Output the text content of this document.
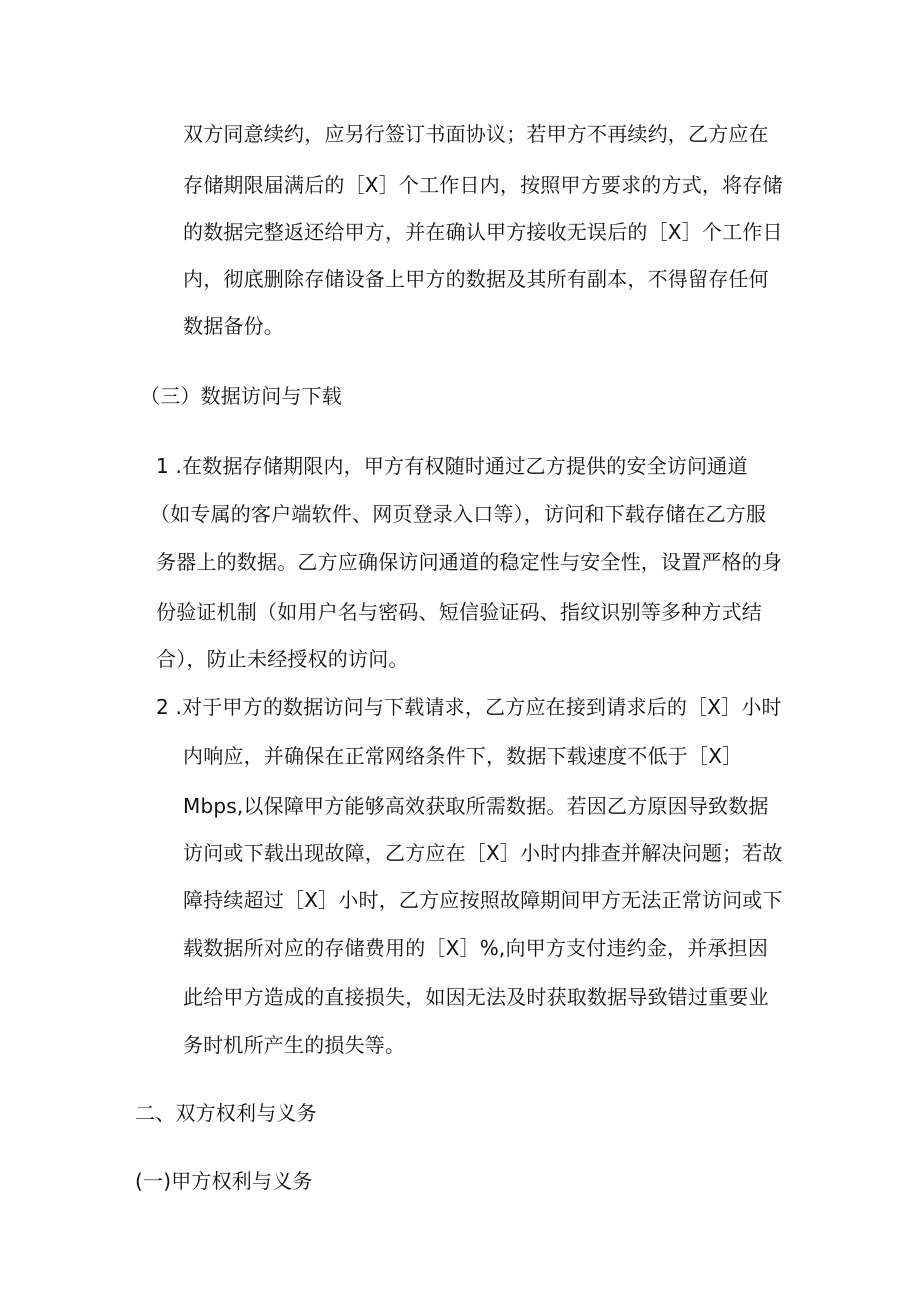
双方同意续约，应另行签订书面协议；若甲方不再续约，乙方应在
存储期限届满后的［X］个工作日内，按照甲方要求的方式，将存储
的数据完整返还给甲方，并在确认甲方接收无误后的［X］个工作日
内，彻底删除存储设备上甲方的数据及其所有副本，不得留存任何
数据备份。
（三）数据访问与下载
1 .在数据存储期限内，甲方有权随时通过乙方提供的安全访问通道
（如专属的客户端软件、网页登录入口等），访问和下载存储在乙方服
务器上的数据。乙方应确保访问通道的稳定性与安全性，设置严格的身
份验证机制（如用户名与密码、短信验证码、指纹识别等多种方式结
合），防止未经授权的访问。
2 .对于甲方的数据访问与下载请求，乙方应在接到请求后的［X］小时
内响应，并确保在正常网络条件下，数据下载速度不低于［X］
Mbps,以保障甲方能够高效获取所需数据。若因乙方原因导致数据
访问或下载出现故障，乙方应在［X］小时内排查并解决问题；若故
障持续超过［X］小时，乙方应按照故障期间甲方无法正常访问或下
载数据所对应的存储费用的［X］%,向甲方支付违约金，并承担因
此给甲方造成的直接损失，如因无法及时获取数据导致错过重要业
务时机所产生的损失等。
二、双方权利与义务
(一)甲方权利与义务
